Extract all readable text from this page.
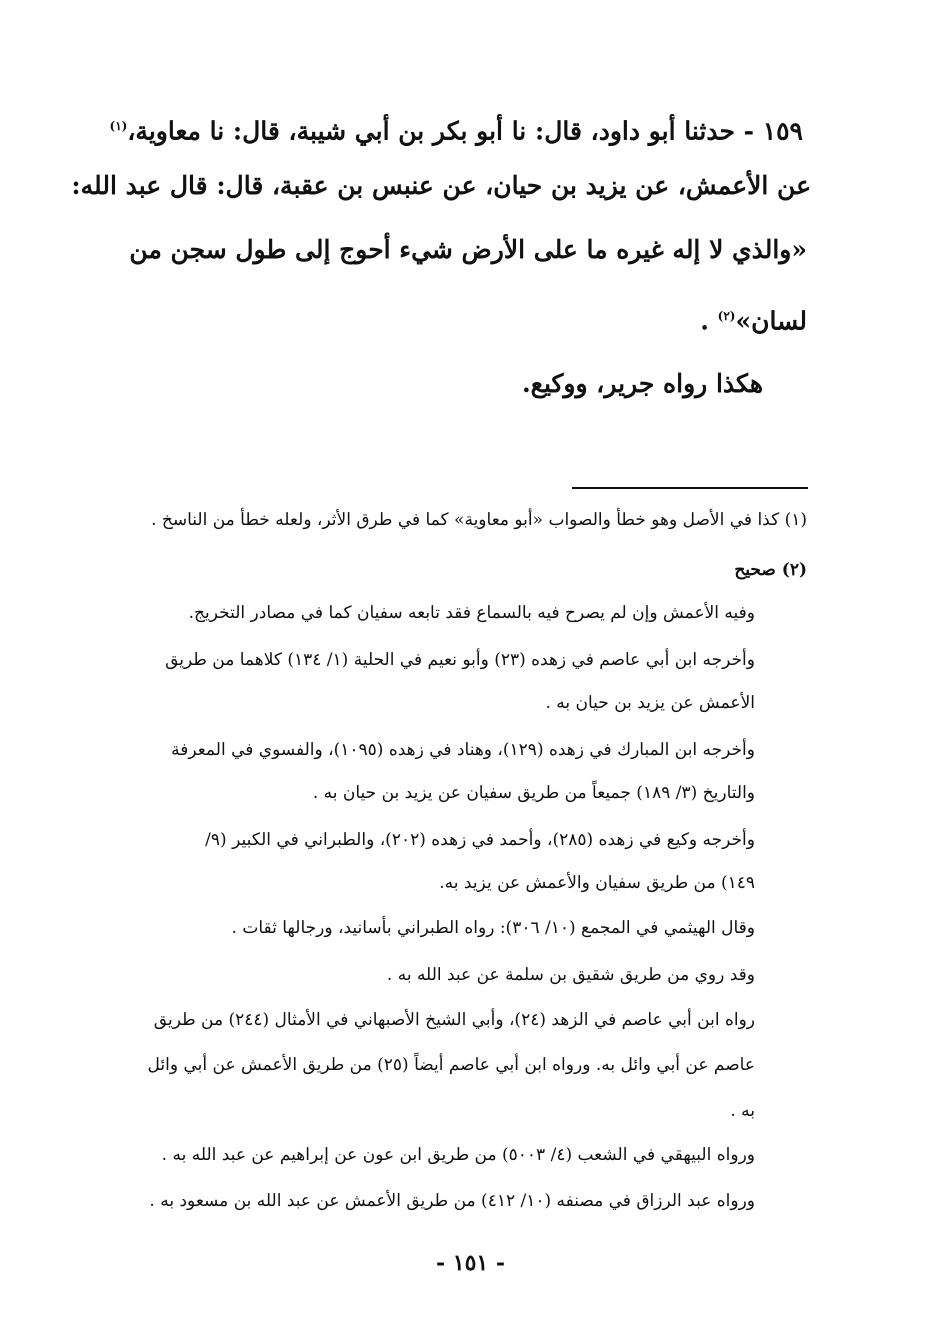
١٥٩ - حدثنا أبو داود، قال: نا أبو بكر بن أبي شيبة، قال: نا معاوية،$^{(١)}$
عن الأعمش، عن يزيد بن حيان، عن عنبس بن عقبة، قال: قال عبد الله:
«والذي لا إله غيره ما على الأرض شيء أحوج إلى طول سجن من
لسان»$^{(٢)}$ .
هكذا رواه جرير، ووكيع.
(١) كذا في الأصل وهو خطأ والصواب «أبو معاوية» كما في طرق الأثر، ولعله خطأ من الناسخ .
(٢) صحيح
وفيه الأعمش وإن لم يصرح فيه بالسماع فقد تابعه سفيان كما في مصادر التخريج.
وأخرجه ابن أبي عاصم في زهده (٢٣) وأبو نعيم في الحلية (١/ ١٣٤) كلاهما من طريق
الأعمش عن يزيد بن حيان به .
وأخرجه ابن المبارك في زهده (١٢٩)، وهناد في زهده (١٠٩٥)، والفسوي في المعرفة
والتاريخ (٣/ ١٨٩) جميعاً من طريق سفيان عن يزيد بن حيان به .
وأخرجه وكيع في زهده (٢٨٥)، وأحمد في زهده (٢٠٢)، والطبراني في الكبير (٩/
١٤٩) من طريق سفيان والأعمش عن يزيد به.
وقال الهيثمي في المجمع (١٠/ ٣٠٦): رواه الطبراني بأسانيد، ورجالها ثقات .
وقد روي من طريق شقيق بن سلمة عن عبد الله به .
رواه ابن أبي عاصم في الزهد (٢٤)، وأبي الشيخ الأصبهاني في الأمثال (٢٤٤) من طريق
عاصم عن أبي وائل به. ورواه ابن أبي عاصم أيضاً (٢٥) من طريق الأعمش عن أبي وائل
به .
ورواه البيهقي في الشعب (٤/ ٥٠٠٣) من طريق ابن عون عن إبراهيم عن عبد الله به .
ورواه عبد الرزاق في مصنفه (١٠/ ٤١٢) من طريق الأعمش عن عبد الله بن مسعود به .
- ١٥١ -
